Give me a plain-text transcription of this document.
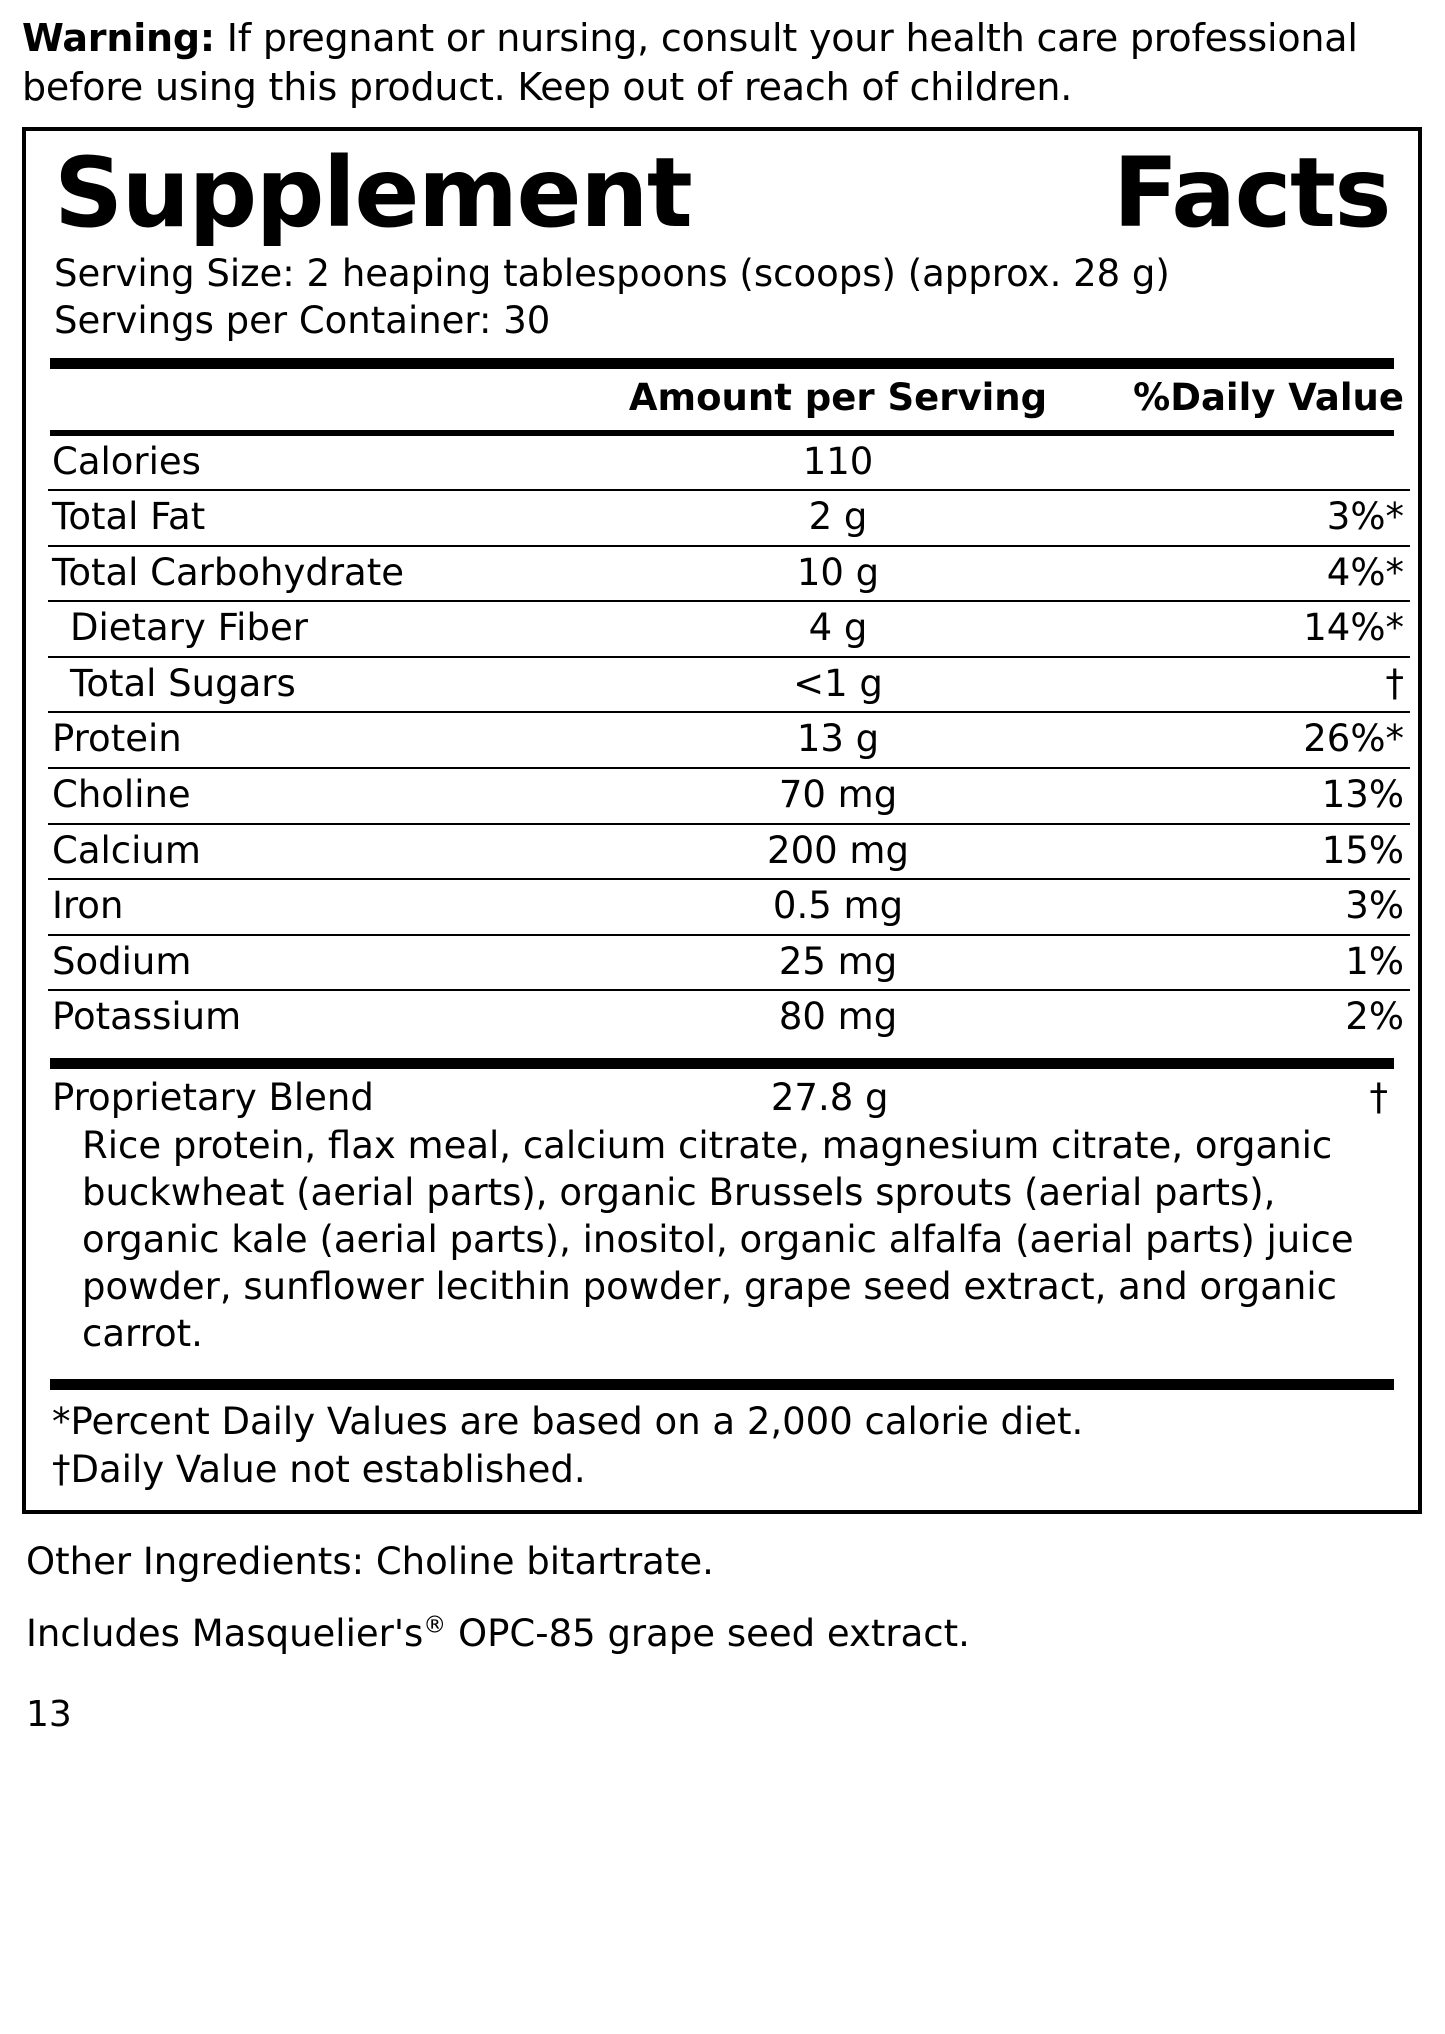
Warning: If pregnant or nursing, consult your health care professional before using this product. Keep out of reach of children.

Supplement	Facts
Serving Size: 2 heaping tablespoons (scoops) (approx. 28 g)
Servings per Container: 30
	Amount per Serving	%Daily Value
Calories	110	
Total Fat	2 g	3%*
Total Carbohydrate	10 g	4%*
Dietary Fiber	4 g	14%*
Total Sugars	<1 g	†
Protein	13 g	26%*
Choline	70 mg	13%
Calcium	200 mg	15%
Iron	0.5 mg	3%
Sodium	25 mg	1%
Potassium	80 mg	2%
Proprietary Blend	27.8 g	†
Rice protein, flax meal, calcium citrate, magnesium citrate, organic buckwheat (aerial parts), organic Brussels sprouts (aerial parts), organic kale (aerial parts), inositol, organic alfalfa (aerial parts) juice powder, sunflower lecithin powder, grape seed extract, and organic carrot.
*Percent Daily Values are based on a 2,000 calorie diet.
†Daily Value not established.

Other Ingredients: Choline bitartrate.

Includes Masquelier's® OPC-85 grape seed extract.

13
